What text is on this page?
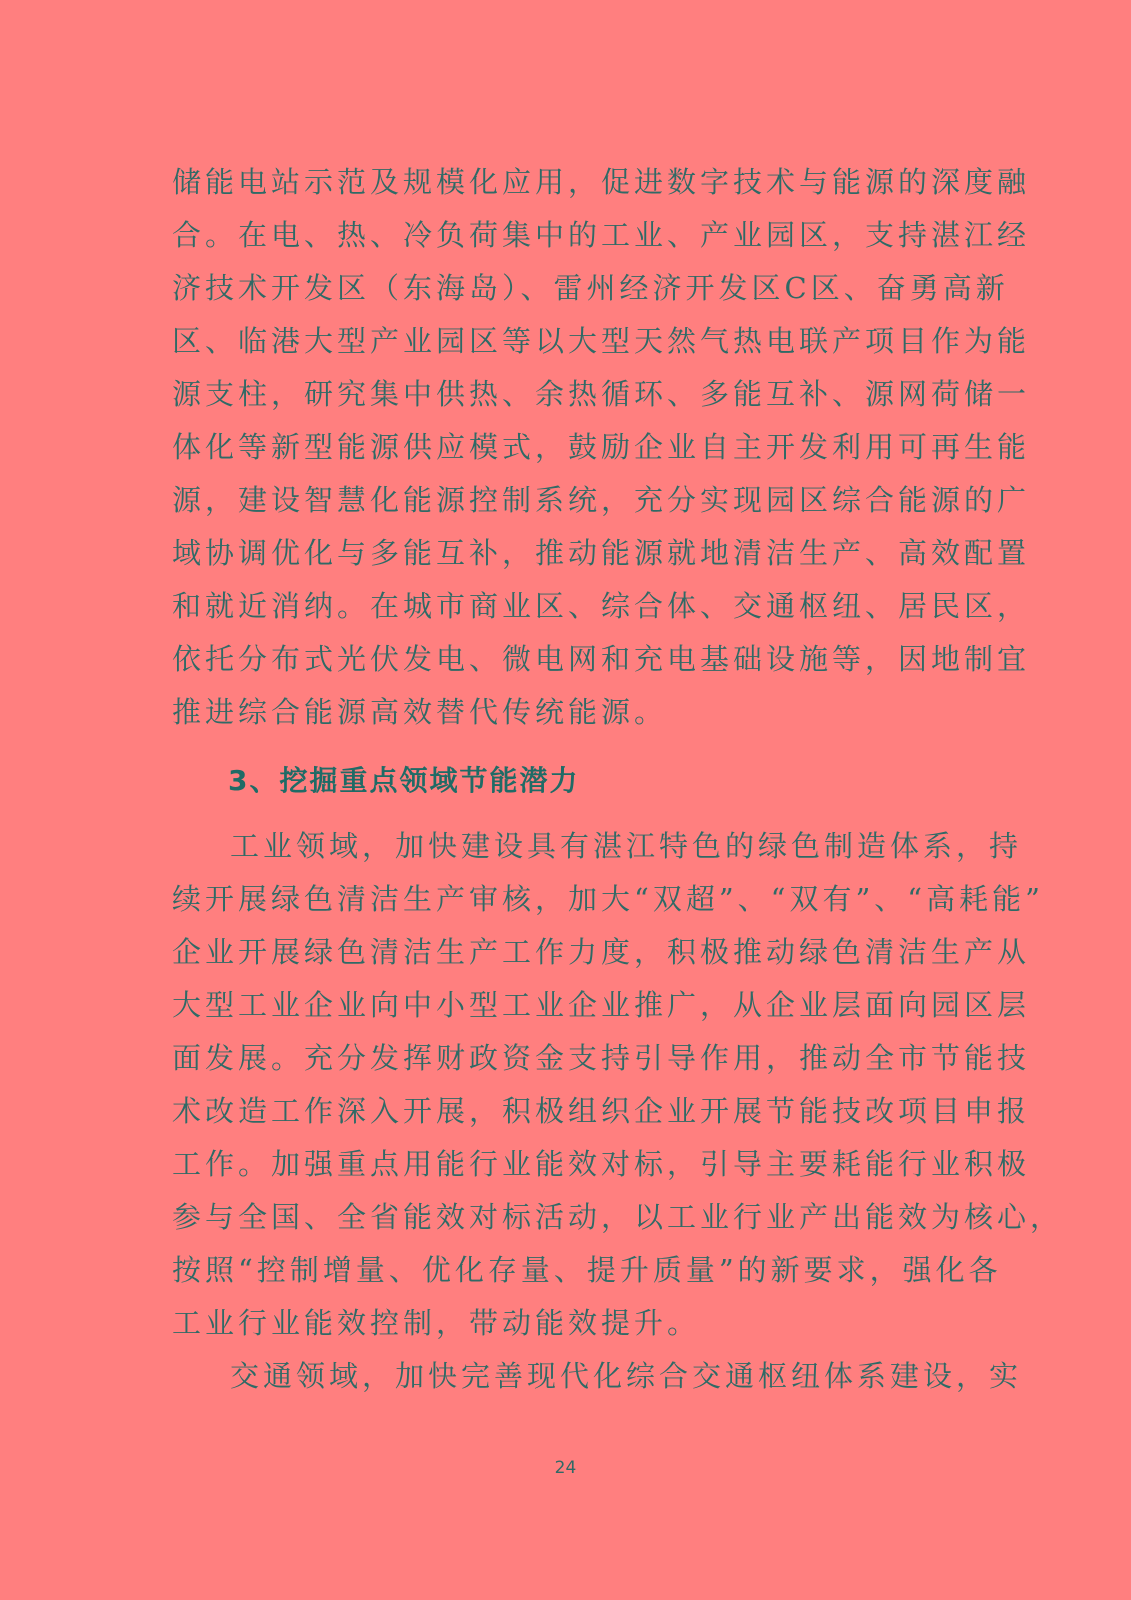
储能电站示范及规模化应用，促进数字技术与能源的深度融
合。在电、热、冷负荷集中的工业、产业园区，支持湛江经
济技术开发区（东海岛）、雷州经济开发区C区、奋勇高新
区、临港大型产业园区等以大型天然气热电联产项目作为能
源支柱，研究集中供热、余热循环、多能互补、源网荷储一
体化等新型能源供应模式，鼓励企业自主开发利用可再生能
源，建设智慧化能源控制系统，充分实现园区综合能源的广
域协调优化与多能互补，推动能源就地清洁生产、高效配置
和就近消纳。在城市商业区、综合体、交通枢纽、居民区，
依托分布式光伏发电、微电网和充电基础设施等，因地制宜
推进综合能源高效替代传统能源。
3、挖掘重点领域节能潜力
工业领域，加快建设具有湛江特色的绿色制造体系，持
续开展绿色清洁生产审核，加大“双超”、“双有”、“高耗能”
企业开展绿色清洁生产工作力度，积极推动绿色清洁生产从
大型工业企业向中小型工业企业推广，从企业层面向园区层
面发展。充分发挥财政资金支持引导作用，推动全市节能技
术改造工作深入开展，积极组织企业开展节能技改项目申报
工作。加强重点用能行业能效对标，引导主要耗能行业积极
参与全国、全省能效对标活动，以工业行业产出能效为核心，
按照“控制增量、优化存量、提升质量”的新要求，强化各
工业行业能效控制，带动能效提升。
交通领域，加快完善现代化综合交通枢纽体系建设，实
24
